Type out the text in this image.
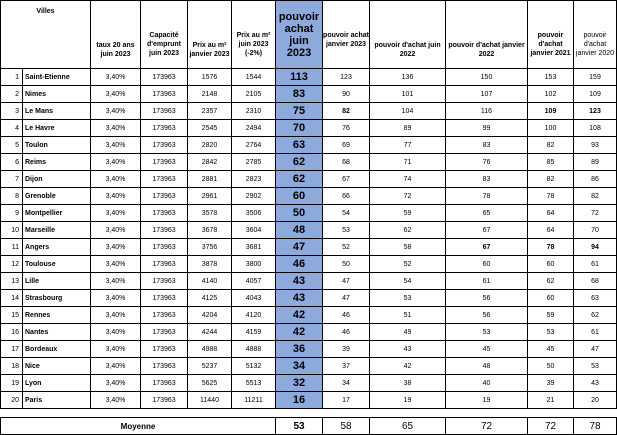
Villes		taux 20 ans juin 2023	Capacité d'emprunt juin 2023	Prix au m² janvier 2023	Prix au m² juin 2023 (-2%)	pouvoir achat juin 2023	pouvoir achat janvier 2023	pouvoir d'achat juin 2022	pouvoir d'achat janvier 2022	pouvoir d'achat janvier 2021	pouvoir d'achat janvier 2020

1	Saint-Etienne	3,40%	173963	1576	1544	113	123	136	150	153	159
2	Nimes	3,40%	173963	2148	2105	83	90	101	107	102	109
3	Le Mans	3,40%	173963	2357	2310	75	82	104	116	109	123
4	Le Havre	3,40%	173963	2545	2494	70	76	89	99	100	108
5	Toulon	3,40%	173963	2820	2764	63	69	77	83	82	93
6	Reims	3,40%	173963	2842	2785	62	68	71	76	85	89
7	Dijon	3,40%	173963	2881	2823	62	67	74	83	82	86
8	Grenoble	3,40%	173963	2961	2902	60	66	72	78	78	82
9	Montpellier	3,40%	173963	3578	3506	50	54	59	65	64	72
10	Marseille	3,40%	173963	3678	3604	48	53	62	67	64	70
11	Angers	3,40%	173963	3756	3681	47	52	58	67	78	94
12	Toulouse	3,40%	173963	3878	3800	46	50	52	60	60	61
13	Lille	3,40%	173963	4140	4057	43	47	54	61	62	68
14	Strasbourg	3,40%	173963	4125	4043	43	47	53	56	60	63
15	Rennes	3,40%	173963	4204	4120	42	46	51	56	59	62
16	Nantes	3,40%	173963	4244	4159	42	46	49	53	53	61
17	Bordeaux	3,40%	173963	4988	4888	36	39	43	45	45	47
18	Nice	3,40%	173963	5237	5132	34	37	42	48	50	53
19	Lyon	3,40%	173963	5625	5513	32	34	38	40	39	43
20	Paris	3,40%	173963	11440	11211	16	17	19	19	21	20

Moyenne						53	58	65	72	72	78
